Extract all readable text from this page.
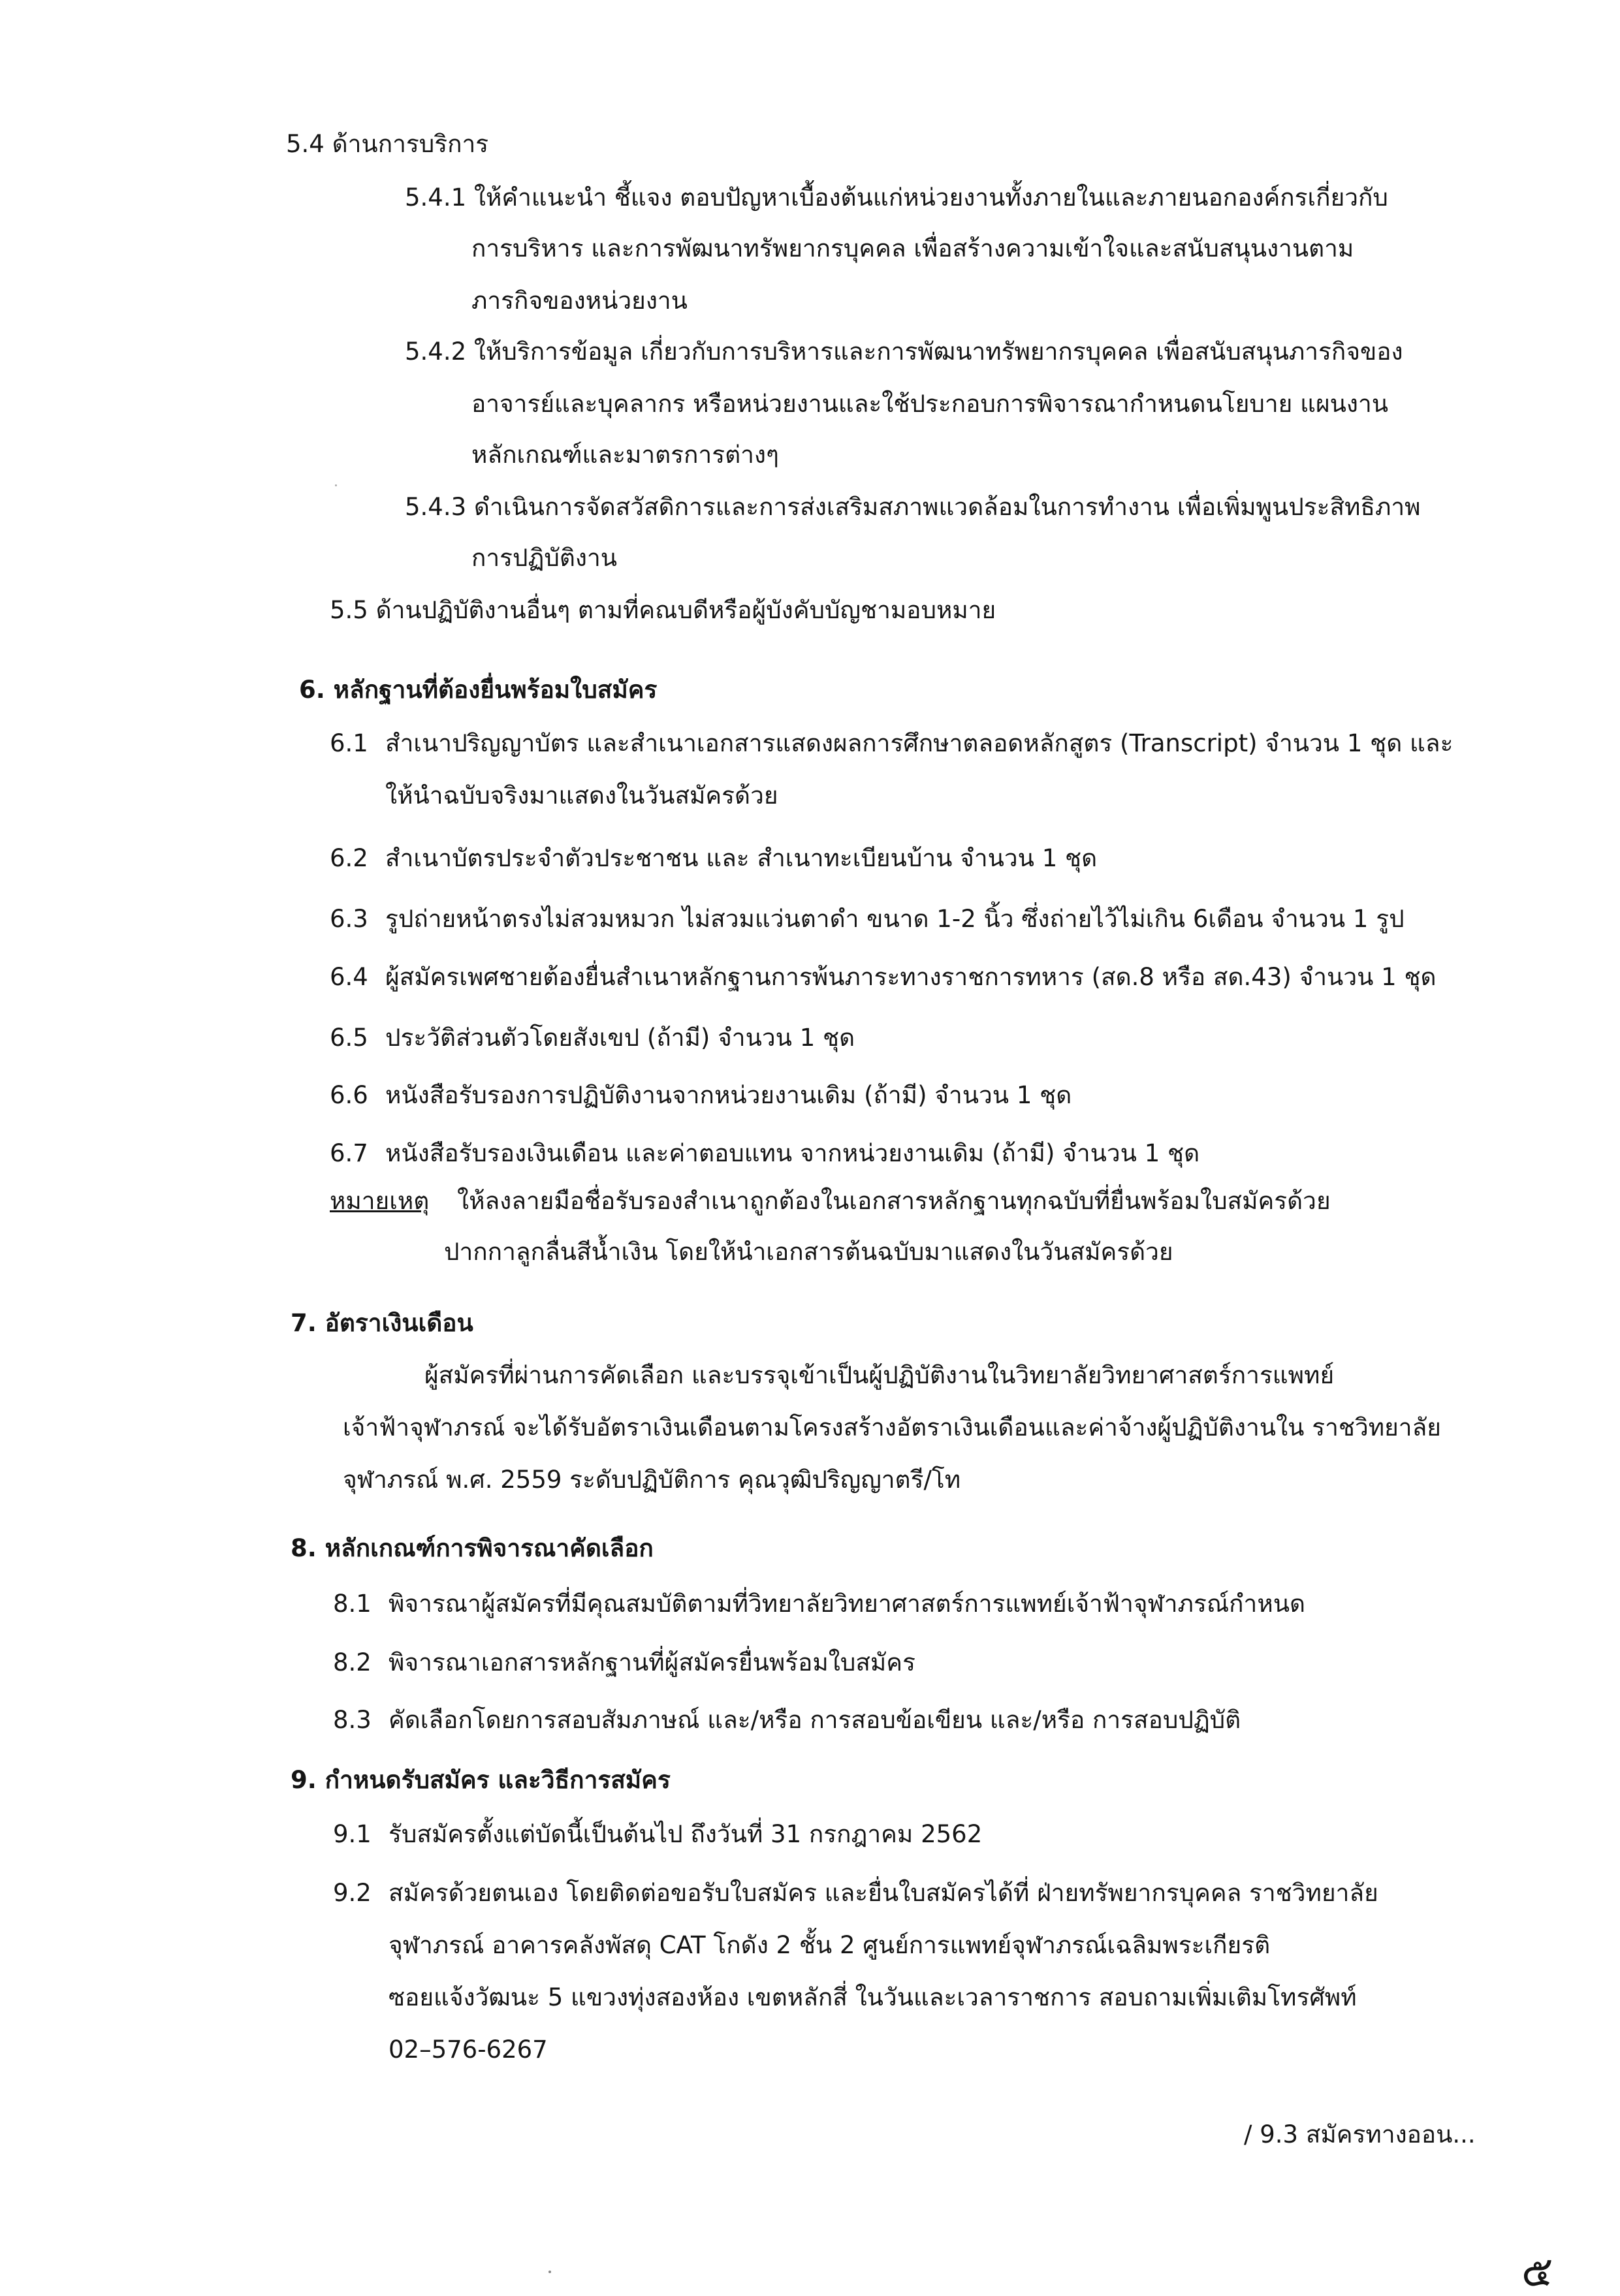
5.4 ด้านการบริการ

5.4.1 ให้คำแนะนำ ชี้แจง ตอบปัญหาเบื้องต้นแก่หน่วยงานทั้งภายในและภายนอกองค์กรเกี่ยวกับ

การบริหาร และการพัฒนาทรัพยากรบุคคล เพื่อสร้างความเข้าใจและสนับสนุนงานตาม

ภารกิจของหน่วยงาน

5.4.2 ให้บริการข้อมูล เกี่ยวกับการบริหารและการพัฒนาทรัพยากรบุคคล เพื่อสนับสนุนภารกิจของ

อาจารย์และบุคลากร หรือหน่วยงานและใช้ประกอบการพิจารณากำหนดนโยบาย แผนงาน

หลักเกณฑ์และมาตรการต่างๆ

5.4.3 ดำเนินการจัดสวัสดิการและการส่งเสริมสภาพแวดล้อมในการทำงาน เพื่อเพิ่มพูนประสิทธิภาพ

การปฏิบัติงาน

5.5 ด้านปฏิบัติงานอื่นๆ ตามที่คณบดีหรือผู้บังคับบัญชามอบหมาย

6. หลักฐานที่ต้องยื่นพร้อมใบสมัคร

6.1 สำเนาปริญญาบัตร และสำเนาเอกสารแสดงผลการศึกษาตลอดหลักสูตร (Transcript) จำนวน 1 ชุด และ

ให้นำฉบับจริงมาแสดงในวันสมัครด้วย

6.2 สำเนาบัตรประจำตัวประชาชน และ สำเนาทะเบียนบ้าน จำนวน 1 ชุด

6.3 รูปถ่ายหน้าตรงไม่สวมหมวก ไม่สวมแว่นตาดำ ขนาด 1-2 นิ้ว ซึ่งถ่ายไว้ไม่เกิน 6เดือน จำนวน 1 รูป

6.4 ผู้สมัครเพศชายต้องยื่นสำเนาหลักฐานการพ้นภาระทางราชการทหาร (สด.8 หรือ สด.43) จำนวน 1 ชุด

6.5 ประวัติส่วนตัวโดยสังเขป (ถ้ามี) จำนวน 1 ชุด

6.6 หนังสือรับรองการปฏิบัติงานจากหน่วยงานเดิม (ถ้ามี) จำนวน 1 ชุด

6.7 หนังสือรับรองเงินเดือน และค่าตอบแทน จากหน่วยงานเดิม (ถ้ามี) จำนวน 1 ชุด

หมายเหตุ ให้ลงลายมือชื่อรับรองสำเนาถูกต้องในเอกสารหลักฐานทุกฉบับที่ยื่นพร้อมใบสมัครด้วย

ปากกาลูกลื่นสีน้ำเงิน โดยให้นำเอกสารต้นฉบับมาแสดงในวันสมัครด้วย

7. อัตราเงินเดือน

ผู้สมัครที่ผ่านการคัดเลือก และบรรจุเข้าเป็นผู้ปฏิบัติงานในวิทยาลัยวิทยาศาสตร์การแพทย์

เจ้าฟ้าจุฬาภรณ์ จะได้รับอัตราเงินเดือนตามโครงสร้างอัตราเงินเดือนและค่าจ้างผู้ปฏิบัติงานใน ราชวิทยาลัย

จุฬาภรณ์ พ.ศ. 2559 ระดับปฏิบัติการ คุณวุฒิปริญญาตรี/โท

8. หลักเกณฑ์การพิจารณาคัดเลือก

8.1 พิจารณาผู้สมัครที่มีคุณสมบัติตามที่วิทยาลัยวิทยาศาสตร์การแพทย์เจ้าฟ้าจุฬาภรณ์กำหนด

8.2 พิจารณาเอกสารหลักฐานที่ผู้สมัครยื่นพร้อมใบสมัคร

8.3 คัดเลือกโดยการสอบสัมภาษณ์ และ/หรือ การสอบข้อเขียน และ/หรือ การสอบปฏิบัติ

9. กำหนดรับสมัคร และวิธีการสมัคร

9.1 รับสมัครตั้งแต่บัดนี้เป็นต้นไป ถึงวันที่ 31 กรกฎาคม 2562

9.2 สมัครด้วยตนเอง โดยติดต่อขอรับใบสมัคร และยื่นใบสมัครได้ที่ ฝ่ายทรัพยากรบุคคล ราชวิทยาลัย

จุฬาภรณ์ อาคารคลังพัสดุ CAT โกดัง 2 ชั้น 2 ศูนย์การแพทย์จุฬาภรณ์เฉลิมพระเกียรติ

ซอยแจ้งวัฒนะ 5 แขวงทุ่งสองห้อง เขตหลักสี่ ในวันและเวลาราชการ สอบถามเพิ่มเติมโทรศัพท์

02–576-6267

/ 9.3 สมัครทางออน...

๕
